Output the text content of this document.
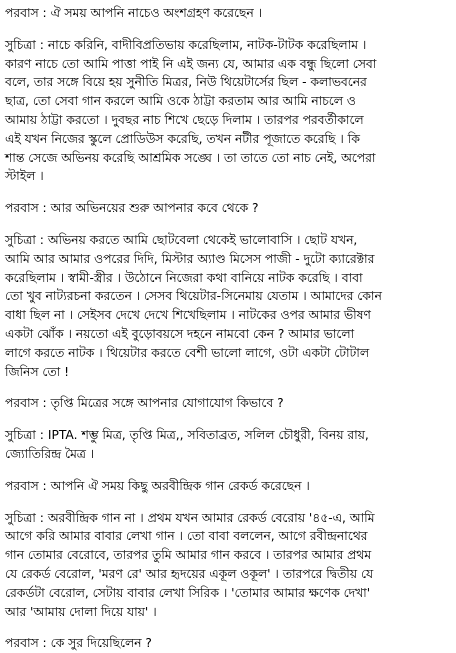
পরবাস : ঐ সময় আপনি নাচেও অংশগ্রহণ করেছেন ।
সুচিত্রা : নাচে করিনি, বাদীবিপ্রতিভায় করেছিলাম, নাটক-টাটক করেছিলাম ।
কারণ নাচে তো আমি পাত্তা পাই নি এই জন্য যে, আমার এক বন্ধু ছিলো সেবা
বলে, তার সঙ্গে বিয়ে হয় সুনীতি মিত্রর, নিউ থিয়েটার্সের ছিল - কলাভবনের
ছাত্র, তো সেবা গান করলে আমি ওকে ঠাট্টা করতাম আর আমি নাচলে ও
আমায় ঠাট্টা করতো । দুবছর নাচ শিখে ছেড়ে দিলাম । তারপর পরবর্তীকালে
এই যখন নিজের স্কুলে প্রোডিউস করেছি, তখন নটীর পূজাতে করেছি । কি
শান্ত সেজে অভিনয় করেছি আশ্রমিক সঙ্ঘে । তা তাতে তো নাচ নেই, অপেরা
স্টাইল ।
পরবাস : আর অভিনয়ের শুরু আপনার কবে থেকে ?
সুচিত্রা : অভিনয় করতে আমি ছোটবেলা থেকেই ভালোবাসি । ছোট যখন,
আমি আর আমার ওপরের দিদি, মিস্টার অ্যাণ্ড মিসেস পাজী - দুটো ক্যারেক্টার
করেছিলাম । স্বামী-স্ত্রীর । উঠোনে নিজেরা কথা বানিয়ে নাটক করেছি । বাবা
তো খুব নাট্যরচনা করতেন । সেসব থিয়েটার-সিনেমায় যেতাম । আমাদের কোন
বাধা ছিল না । সেইসব দেখে দেখে শিখেছিলাম । নাটকের ওপর আমার ভীষণ
একটা ঝোঁক । নয়তো এই বুড়োবয়সে দহনে নামবো কেন ? আমার ভালো
লাগে করতে নাটক । থিয়েটার করতে বেশী ভালো লাগে, ওটা একটা টোটাল
জিনিস তো !
পরবাস : তৃপ্তি মিত্রের সঙ্গে আপনার যোগাযোগ কিভাবে ?
সুচিত্রা : IPTA. শম্ভু মিত্র, তৃপ্তি মিত্র,, সবিতাব্রত, সলিল চৌধুরী, বিনয় রায়,
জ্যোতিরিন্দ্র মৈত্র ।
পরবাস : আপনি ঐ সময় কিছু অরবীন্দ্রিক গান রেকর্ড করেছেন ।
সুচিত্রা : অরবীন্দ্রিক গান না । প্রথম যখন আমার রেকর্ড বেরোয় '৪৫-এ, আমি
আগে করি আমার বাবার লেখা গান । তো বাবা বললেন, আগে রবীন্দ্রনাথের
গান তোমার বেরোবে, তারপর তুমি আমার গান করবে । তারপর আমার প্রথম
যে রেকর্ড বেরোল, 'মরণ রে' আর হৃদয়ের একূল ওকূল' । তারপরে দ্বিতীয় যে
রেকর্ডটা বেরোল, সেটায় বাবার লেখা সিরিক । 'তোমার আমার ক্ষণেক দেখা'
আর 'আমায় দোলা দিয়ে যায়' ।
পরবাস : কে সুর দিয়েছিলেন ?
